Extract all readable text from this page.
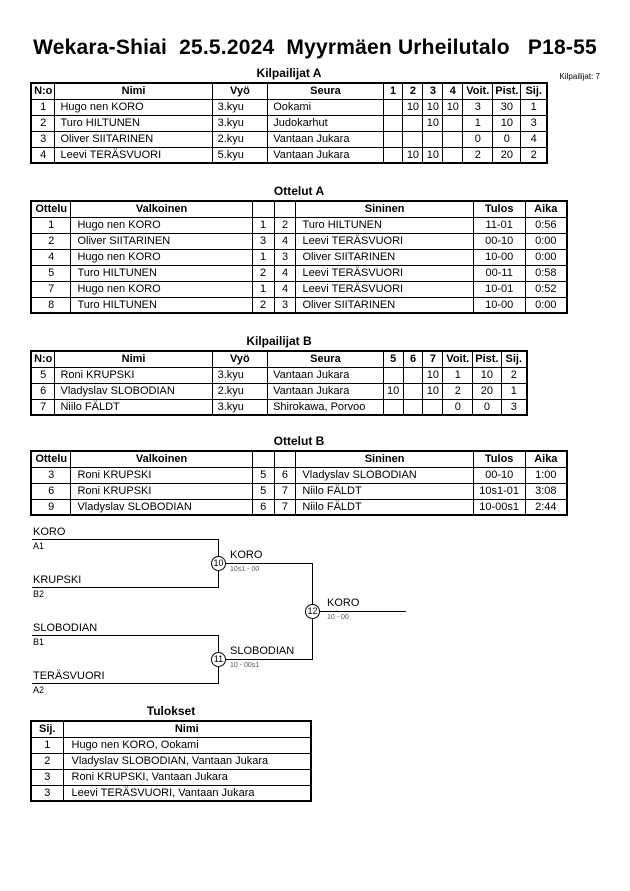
Wekara-Shiai  25.5.2024  Myyrmäen Urheilutalo   P18-55
Kilpailijat: 7
Kilpailijat A
N:o	Nimi	Vyö	Seura	1	2	3	4	Voit.	Pist.	Sij.
1	Hugo nen KORO	3.kyu	Ookami		10	10	10	3	30	1
2	Turo HILTUNEN	3.kyu	Judokarhut			10		1	10	3
3	Oliver SIITARINEN	2.kyu	Vantaan Jukara					0	0	4
4	Leevi TERÄSVUORI	5.kyu	Vantaan Jukara		10	10		2	20	2
Ottelut A
Ottelu	Valkoinen			Sininen	Tulos	Aika
1	Hugo nen KORO	1	2	Turo HILTUNEN	11-01	0:56
2	Oliver SIITARINEN	3	4	Leevi TERÄSVUORI	00-10	0:00
4	Hugo nen KORO	1	3	Oliver SIITARINEN	10-00	0:00
5	Turo HILTUNEN	2	4	Leevi TERÄSVUORI	00-11	0:58
7	Hugo nen KORO	1	4	Leevi TERÄSVUORI	10-01	0:52
8	Turo HILTUNEN	2	3	Oliver SIITARINEN	10-00	0:00
Kilpailijat B
N:o	Nimi	Vyö	Seura	5	6	7	Voit.	Pist.	Sij.
5	Roni KRUPSKI	3.kyu	Vantaan Jukara			10	1	10	2
6	Vladyslav SLOBODIAN	2.kyu	Vantaan Jukara	10		10	2	20	1
7	Niilo FÄLDT	3.kyu	Shirokawa, Porvoo				0	0	3
Ottelut B
Ottelu	Valkoinen			Sininen	Tulos	Aika
3	Roni KRUPSKI	5	6	Vladyslav SLOBODIAN	00-10	1:00
6	Roni KRUPSKI	5	7	Niilo FÄLDT	10s1-01	3:08
9	Vladyslav SLOBODIAN	6	7	Niilo FÄLDT	10-00s1	2:44
KORO
A1
KRUPSKI
B2
10
KORO
10s1 - 00
SLOBODIAN
B1
TERÄSVUORI
A2
11
SLOBODIAN
10 - 00s1
12
KORO
10 - 00
Tulokset
Sij.	Nimi
1	Hugo nen KORO, Ookami
2	Vladyslav SLOBODIAN, Vantaan Jukara
3	Roni KRUPSKI, Vantaan Jukara
3	Leevi TERÄSVUORI, Vantaan Jukara
